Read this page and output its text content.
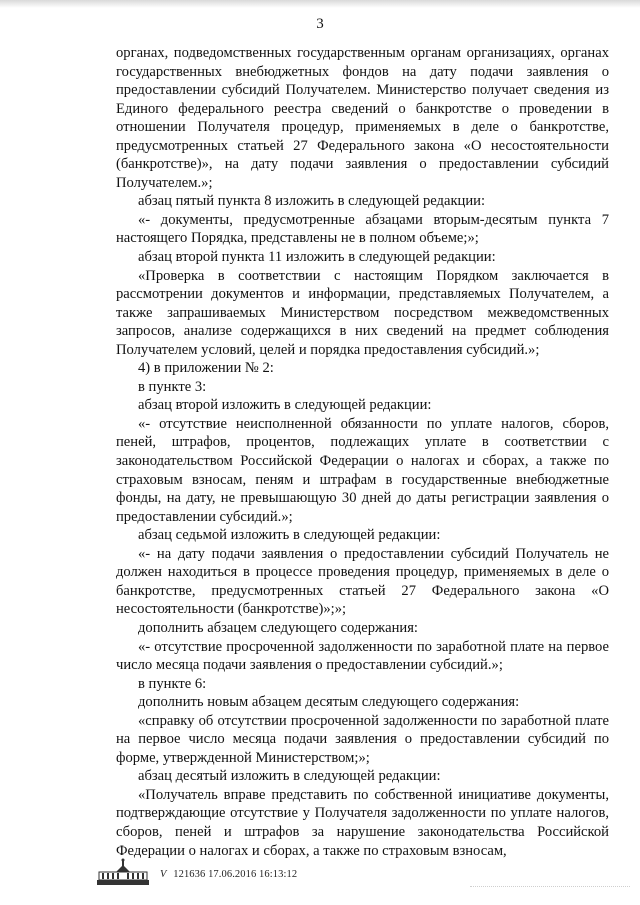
3

органах, подведомственных государственным органам организациях, органах государственных внебюджетных фондов на дату подачи заявления о предоставлении субсидий Получателем. Министерство получает сведения из Единого федерального реестра сведений о банкротстве о проведении в отношении Получателя процедур, применяемых в деле о банкротстве, предусмотренных статьей 27 Федерального закона «О несостоятельности (банкротстве)», на дату подачи заявления о предоставлении субсидий Получателем.»;

абзац пятый пункта 8 изложить в следующей редакции:

«- документы, предусмотренные абзацами вторым-десятым пункта 7 настоящего Порядка, представлены не в полном объеме;»;

абзац второй пункта 11 изложить в следующей редакции:

«Проверка в соответствии с настоящим Порядком заключается в рассмотрении документов и информации, представляемых Получателем, а также запрашиваемых Министерством посредством межведомственных запросов, анализе содержащихся в них сведений на предмет соблюдения Получателем условий, целей и порядка предоставления субсидий.»;

4) в приложении № 2:

в пункте 3:

абзац второй изложить в следующей редакции:

«- отсутствие неисполненной обязанности по уплате налогов, сборов, пеней, штрафов, процентов, подлежащих уплате в соответствии с законодательством Российской Федерации о налогах и сборах, а также по страховым взносам, пеням и штрафам в государственные внебюджетные фонды, на дату, не превышающую 30 дней до даты регистрации заявления о предоставлении субсидий.»;

абзац седьмой изложить в следующей редакции:

«- на дату подачи заявления о предоставлении субсидий Получатель не должен находиться в процессе проведения процедур, применяемых в деле о банкротстве, предусмотренных статьей 27 Федерального закона «О несостоятельности (банкротстве)»;»;

дополнить абзацем следующего содержания:

«- отсутствие просроченной задолженности по заработной плате на первое число месяца подачи заявления о предоставлении субсидий.»;

в пункте 6:

дополнить новым абзацем десятым следующего содержания:

«справку об отсутствии просроченной задолженности по заработной плате на первое число месяца подачи заявления о предоставлении субсидий по форме, утвержденной Министерством;»;

абзац десятый изложить в следующей редакции:

«Получатель вправе представить по собственной инициативе документы, подтверждающие отсутствие у Получателя задолженности по уплате налогов, сборов, пеней и штрафов за нарушение законодательства Российской Федерации о налогах и сборах, а также по страховым взносам,

V 121636 17.06.2016 16:13:12
